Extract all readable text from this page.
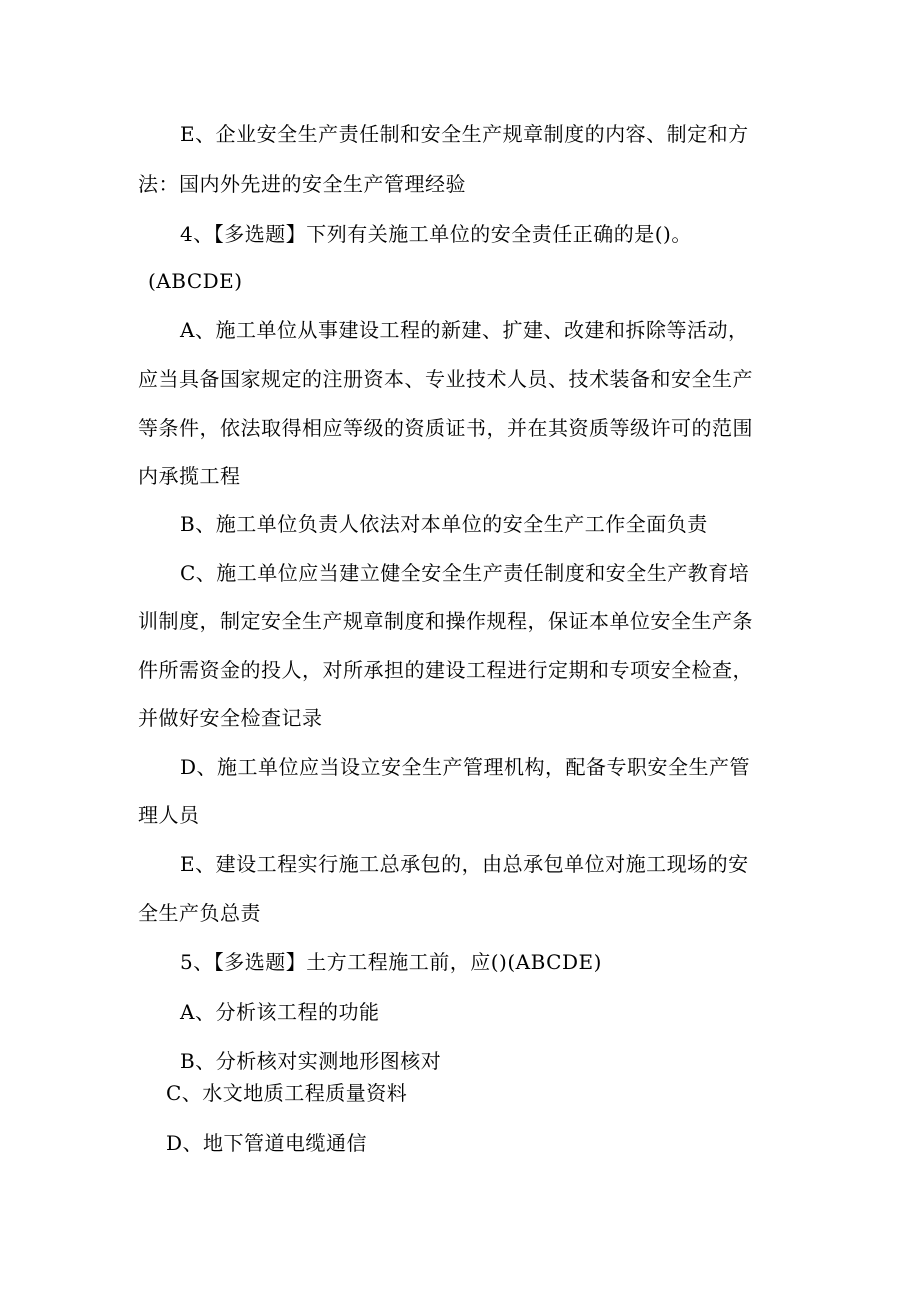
E、企业安全生产责任制和安全生产规章制度的内容、制定和方
法：国内外先进的安全生产管理经验
4、【多选题】下列有关施工单位的安全责任正确的是()。
(ABCDE)
A、施工单位从事建设工程的新建、扩建、改建和拆除等活动，
应当具备国家规定的注册资本、专业技术人员、技术装备和安全生产
等条件，依法取得相应等级的资质证书，并在其资质等级许可的范围
内承揽工程
B、施工单位负责人依法对本单位的安全生产工作全面负责
C、施工单位应当建立健全安全生产责任制度和安全生产教育培
训制度，制定安全生产规章制度和操作规程，保证本单位安全生产条
件所需资金的投人，对所承担的建设工程进行定期和专项安全检查，
并做好安全检查记录
D、施工单位应当设立安全生产管理机构，配备专职安全生产管
理人员
E、建设工程实行施工总承包的，由总承包单位对施工现场的安
全生产负总责
5、【多选题】土方工程施工前，应()(ABCDE)
A、分析该工程的功能
B、分析核对实测地形图核对
C、水文地质工程质量资料
D、地下管道电缆通信
